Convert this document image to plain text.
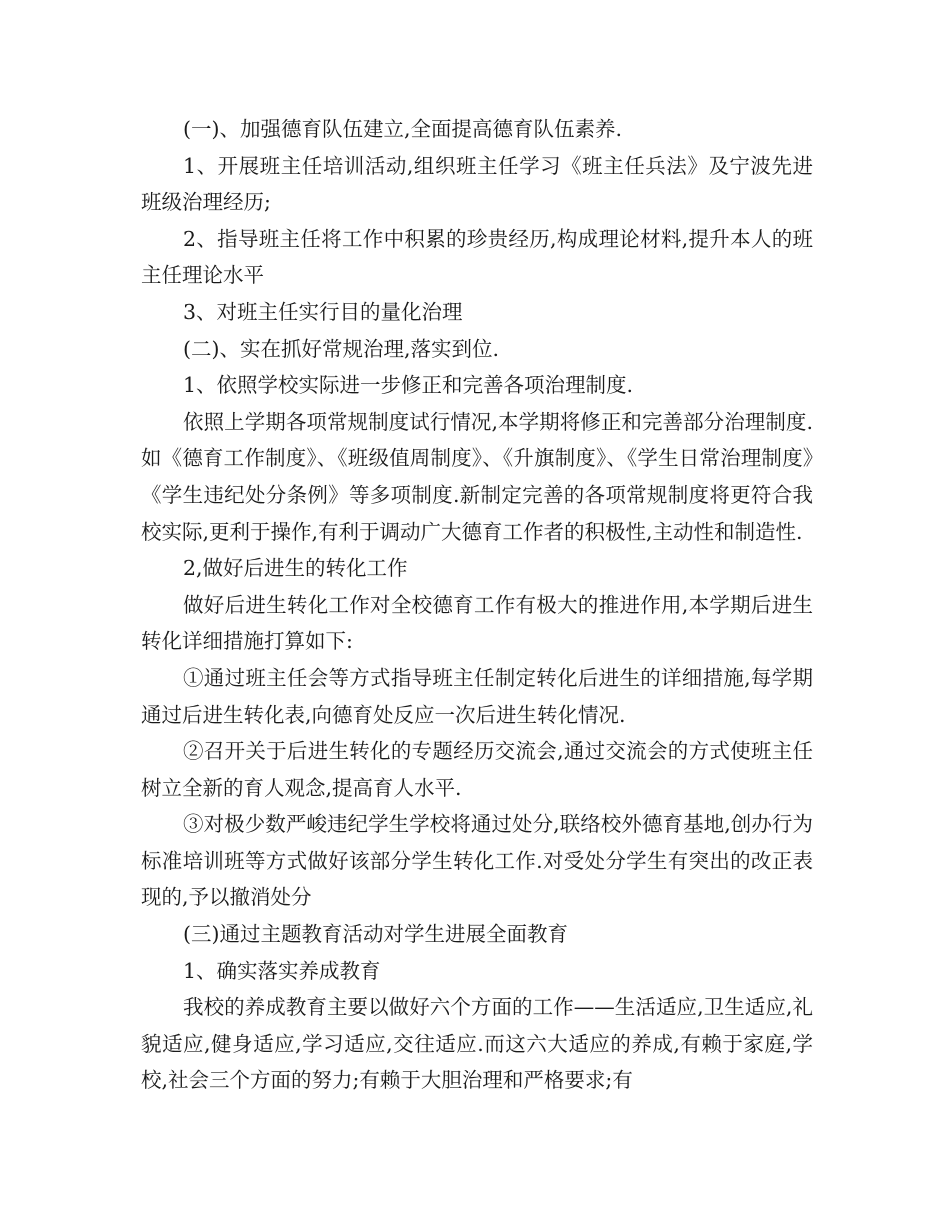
(一)、加强德育队伍建立,全面提高德育队伍素养.

1、开展班主任培训活动,组织班主任学习《班主任兵法》及宁波先进班级治理经历;

2、指导班主任将工作中积累的珍贵经历,构成理论材料,提升本人的班主任理论水平

3、对班主任实行目的量化治理

(二)、实在抓好常规治理,落实到位.

1、依照学校实际进一步修正和完善各项治理制度.

依照上学期各项常规制度试行情况,本学期将修正和完善部分治理制度.如《德育工作制度》、《班级值周制度》、《升旗制度》、《学生日常治理制度》《学生违纪处分条例》等多项制度.新制定完善的各项常规制度将更符合我校实际,更利于操作,有利于调动广大德育工作者的积极性,主动性和制造性.

2,做好后进生的转化工作

做好后进生转化工作对全校德育工作有极大的推进作用,本学期后进生转化详细措施打算如下:

①通过班主任会等方式指导班主任制定转化后进生的详细措施,每学期通过后进生转化表,向德育处反应一次后进生转化情况.

②召开关于后进生转化的专题经历交流会,通过交流会的方式使班主任树立全新的育人观念,提高育人水平.

③对极少数严峻违纪学生学校将通过处分,联络校外德育基地,创办行为标准培训班等方式做好该部分学生转化工作.对受处分学生有突出的改正表现的,予以撤消处分

(三)通过主题教育活动对学生进展全面教育

1、确实落实养成教育

我校的养成教育主要以做好六个方面的工作——生活适应,卫生适应,礼貌适应,健身适应,学习适应,交往适应.而这六大适应的养成,有赖于家庭,学校,社会三个方面的努力;有赖于大胆治理和严格要求;有
